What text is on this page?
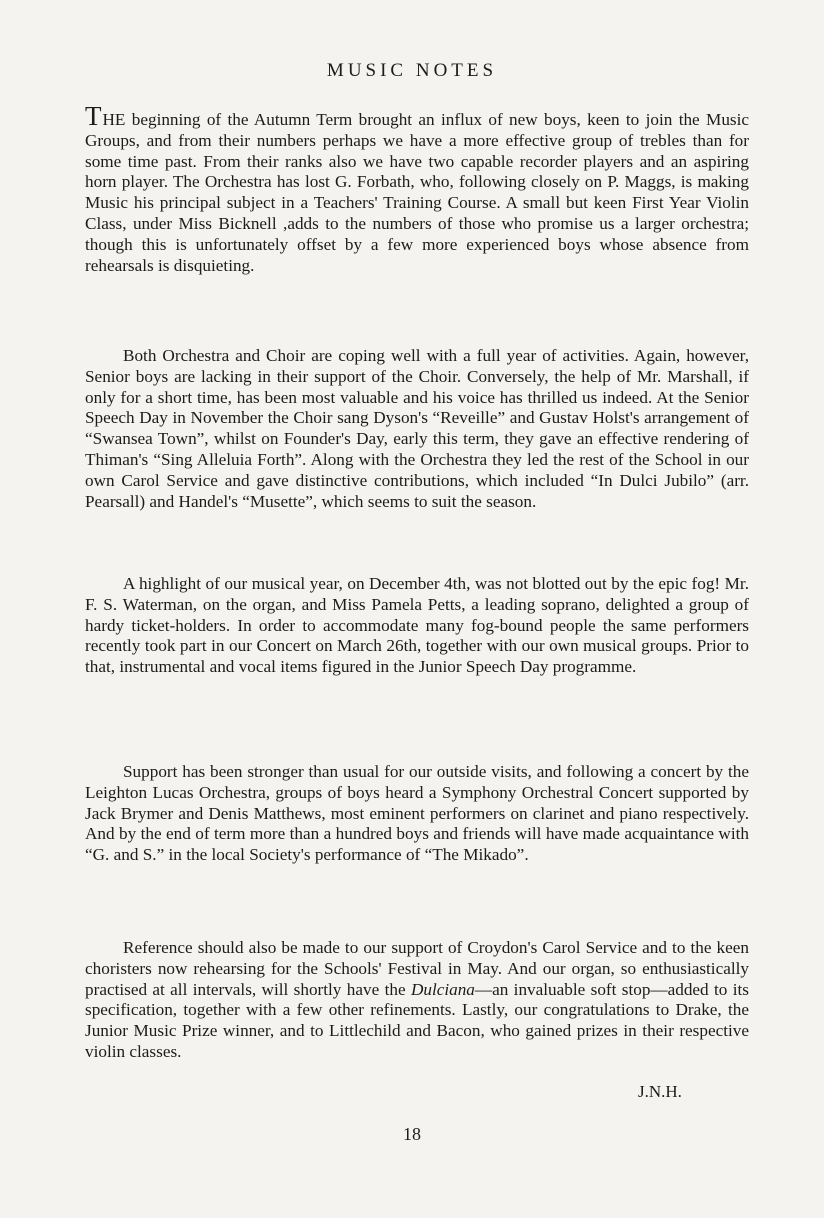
MUSIC NOTES

THE beginning of the Autumn Term brought an influx of new boys, keen to join the Music Groups, and from their numbers perhaps we have a more effective group of trebles than for some time past. From their ranks also we have two capable recorder players and an aspiring horn player. The Orchestra has lost G. Forbath, who, following closely on P. Maggs, is making Music his principal subject in a Teachers' Training Course. A small but keen First Year Violin Class, under Miss Bicknell ,adds to the numbers of those who promise us a larger orchestra; though this is unfortunately offset by a few more experienced boys whose absence from rehearsals is disquieting.

Both Orchestra and Choir are coping well with a full year of activities. Again, however, Senior boys are lacking in their support of the Choir. Conversely, the help of Mr. Marshall, if only for a short time, has been most valuable and his voice has thrilled us indeed. At the Senior Speech Day in November the Choir sang Dyson's “Reveille” and Gustav Holst's arrangement of “Swansea Town”, whilst on Founder's Day, early this term, they gave an effective rendering of Thiman's “Sing Alleluia Forth”. Along with the Orchestra they led the rest of the School in our own Carol Service and gave distinctive contributions, which included “In Dulci Jubilo” (arr. Pearsall) and Handel's “Musette”, which seems to suit the season.

A highlight of our musical year, on December 4th, was not blotted out by the epic fog! Mr. F. S. Waterman, on the organ, and Miss Pamela Petts, a leading soprano, delighted a group of hardy ticket-holders. In order to accommodate many fog-bound people the same performers recently took part in our Concert on March 26th, together with our own musical groups. Prior to that, instrumental and vocal items figured in the Junior Speech Day programme.

Support has been stronger than usual for our outside visits, and following a concert by the Leighton Lucas Orchestra, groups of boys heard a Symphony Orchestral Concert supported by Jack Brymer and Denis Matthews, most eminent performers on clarinet and piano respectively. And by the end of term more than a hundred boys and friends will have made acquaintance with “G. and S.” in the local Society's performance of “The Mikado”.

Reference should also be made to our support of Croydon's Carol Service and to the keen choristers now rehearsing for the Schools' Festival in May. And our organ, so enthusiastically practised at all intervals, will shortly have the Dulciana—an invaluable soft stop—added to its specification, together with a few other refinements. Lastly, our congratulations to Drake, the Junior Music Prize winner, and to Littlechild and Bacon, who gained prizes in their respective violin classes.

J.N.H.
18
